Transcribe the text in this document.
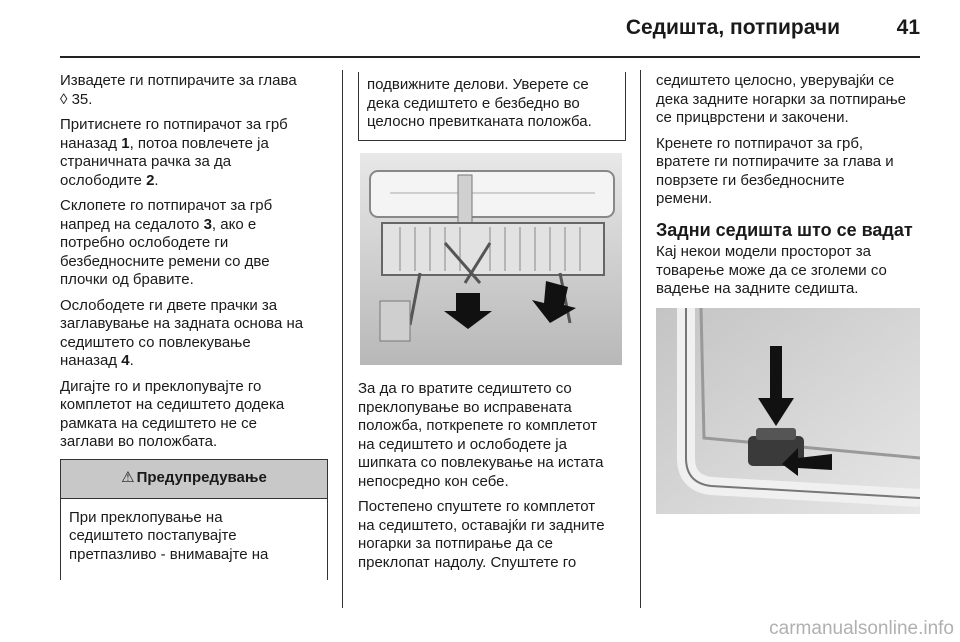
Седишта, потпирачи	41

Извадете ги потпирачите за глава
◊ 35.

Притиснете го потпирачот за грб
наназад 1, потоа повлечете ја
страничната рачка за да
ослободите 2.

Склопете го потпирачот за грб
напред на седалото 3, ако е
потребно ослободете ги
безбедносните ремени со две
плочки од бравите.

Ослободете ги двете прачки за
заглавување на задната основа на
седиштето со повлекување
наназад 4.

Дигајте го и преклопувајте го
комплетот на седиштето додека
рамката на седиштето не се
заглави во положбата.

⚠ Предупредување
При преклопување на
седиштето постапувајте
претпазливо - внимавајте на
подвижните делови. Уверете се
дека седиштето е безбедно во
целосно превитканата положба.

За да го вратите седиштето со
преклопување во исправената
положба, поткрепете го комплетот
на седиштето и ослободете ја
шипката со повлекување на истата
непосредно кон себе.

Постепено спуштете го комплетот
на седиштето, оставајќи ги задните
ногарки за потпирање да се
преклопат надолу. Спуштете го

седиштето целосно, уверувајќи се
дека задните ногарки за потпирање
се прицврстени и закочени.

Кренете го потпирачот за грб,
вратете ги потпирачите за глава и
поврзете ги безбедносните
ремени.

Задни седишта што се вадат

Кај некои модели просторот за
товарење може да се зголеми со
вадење на задните седишта.

carmanualsonline.info
